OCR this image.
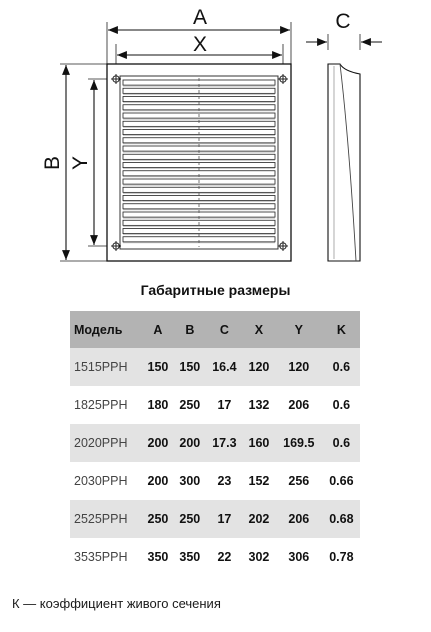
A
X
B Y
C
Габаритные размеры
Модель	A	B	C	X	Y	K
1515PPH	150	150	16.4	120	120	0.6
1825PPH	180	250	17	132	206	0.6
2020PPH	200	200	17.3	160	169.5	0.6
2030PPH	200	300	23	152	256	0.66
2525PPH	250	250	17	202	206	0.68
3535PPH	350	350	22	302	306	0.78
К — коэффициент живого сечения
